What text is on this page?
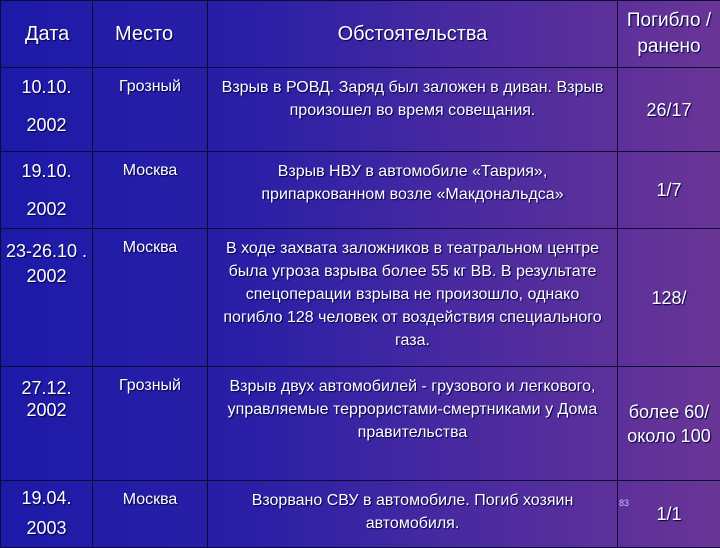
Дата	Место	Обстоятельства	Погибло / ранено

10.10.
2002	Грозный	Взрыв в РОВД. Заряд был заложен в диван. Взрыв произошел во время совещания.	26/17

19.10.
2002	Москва	Взрыв НВУ в автомобиле «Таврия», припаркованном возле «Макдональдса»	1/7

23-26.10 .
2002	Москва	В ходе захвата заложников в театральном центре была угроза взрыва более 55 кг ВВ. В результате спецоперации взрыва не произошло, однако погибло 128 человек от воздействия специального газа.	128/

27.12.
2002	Грозный	Взрыв двух автомобилей - грузового и легкового, управляемые террористами-смертниками у Дома правительства	более 60/около 100

19.04.
2003	Москва	Взорвано СВУ в автомобиле. Погиб хозяин автомобиля.	1/1
83
